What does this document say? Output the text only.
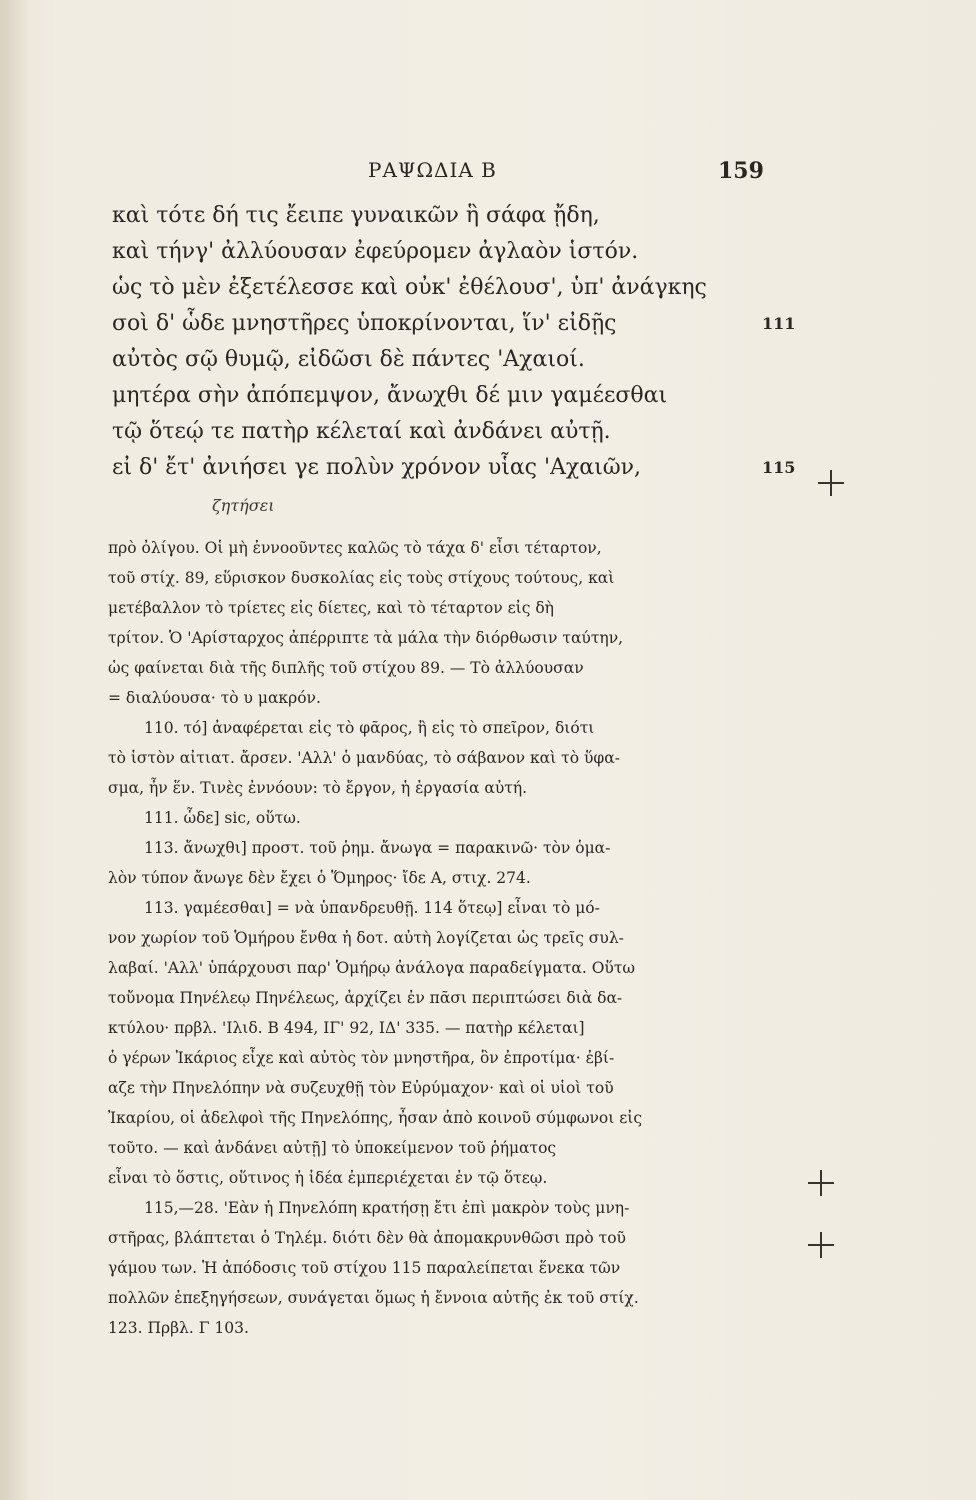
ΡΑΨΩΔΙΑ Β	159
καὶ τότε δή τις ἔειπε γυναικῶν ἣ σάφα ᾔδη,
καὶ τήνγ' ἀλλύουσαν ἐφεύρομεν ἀγλαὸν ἱστόν.
ὡς τὸ μὲν ἐξετέλεσσε καὶ οὐκ' ἐθέλουσ', ὑπ' ἀνάγκης
σοὶ δ' ὧδε μνηστῆρες ὑποκρίνονται, ἵν' εἰδῇς	111
αὐτὸς σῷ θυμῷ, εἰδῶσι δὲ πάντες 'Αχαιοί.
μητέρα σὴν ἀπόπεμψον, ἄνωχθι δέ μιν γαμέεσθαι
τῷ ὅτεῴ τε πατὴρ κέλεταί καὶ ἀνδάνει αὐτῇ.
εἰ δ' ἔτ' ἀνιήσει γε πολὺν χρόνον υἷας 'Αχαιῶν,	115
ζητήσει
πρὸ ὀλίγου. Οἱ μὴ ἐννοοῦντες καλῶς τὸ τάχα δ' εἶσι τέταρτον,
τοῦ στίχ. 89, εὕρισκον δυσκολίας εἰς τοὺς στίχους τούτους, καὶ
μετέβαλλον τὸ τρίετες εἰς δίετες, καὶ τὸ τέταρτον εἰς δὴ
τρίτον. Ὁ 'Αρίσταρχος ἀπέρριπτε τὰ μάλα τὴν διόρθωσιν ταύτην,
ὡς φαίνεται διὰ τῆς διπλῆς τοῦ στίχου 89. — Τὸ ἀλλύουσαν
= διαλύουσα· τὸ υ μακρόν.
110. τό] ἀναφέρεται εἰς τὸ φᾶρος, ἢ εἰς τὸ σπεῖρον, διότι
τὸ ἱστὸν αἰτιατ. ἄρσεν. 'Αλλ' ὁ μανδύας, τὸ σάβανον καὶ τὸ ὕφα-
σμα, ἦν ἕν. Τινὲς ἐννόουν: τὸ ἔργον, ἡ ἐργασία αὐτή.
111. ὧδε] sic, οὕτω.
113. ἄνωχθι] προστ. τοῦ ῥημ. ἄνωγα = παρακινῶ· τὸν ὁμα-
λὸν τύπον ἄνωγε δὲν ἔχει ὁ Ὅμηρος· ἴδε Α, στιχ. 274.
113. γαμέεσθαι] = νὰ ὑπανδρευθῇ. 114 ὅτεῳ] εἶναι τὸ μό-
νον χωρίον τοῦ Ὁμήρου ἔνθα ἡ δοτ. αὐτὴ λογίζεται ὡς τρεῖς συλ-
λαβαί. 'Αλλ' ὑπάρχουσι παρ' Ὁμήρῳ ἀνάλογα παραδείγματα. Οὕτω
τοὔνομα Πηνέλεῳ Πηνέλεως, ἀρχίζει ἐν πᾶσι περιπτώσει διὰ δα-
κτύλου· πρβλ. 'Ιλιδ. Β 494, ΙΓ' 92, ΙΔ' 335. — πατὴρ κέλεται]
ὁ γέρων Ἰκάριος εἶχε καὶ αὐτὸς τὸν μνηστῆρα, ὃν ἐπροτίμα· ἐβί-
αζε τὴν Πηνελόπην νὰ συζευχθῇ τὸν Εὐρύμαχον· καὶ οἱ υἱοὶ τοῦ
Ἰκαρίου, οἱ ἀδελφοὶ τῆς Πηνελόπης, ἦσαν ἀπὸ κοινοῦ σύμφωνοι εἰς
τοῦτο. — καὶ ἀνδάνει αὐτῇ] τὸ ὑποκείμενον τοῦ ῥήματος
εἶναι τὸ ὅστις, οὕτινος ἡ ἰδέα ἐμπεριέχεται ἐν τῷ ὅτεῳ.
115,—28. 'Εὰν ἡ Πηνελόπη κρατήσῃ ἔτι ἐπὶ μακρὸν τοὺς μνη-
στῆρας, βλάπτεται ὁ Τηλέμ. διότι δὲν θὰ ἀπομακρυνθῶσι πρὸ τοῦ
γάμου των. Ἡ ἀπόδοσις τοῦ στίχου 115 παραλείπεται ἕνεκα τῶν
πολλῶν ἐπεξηγήσεων, συνάγεται ὅμως ἡ ἔννοια αὐτῆς ἐκ τοῦ στίχ.
123. Πρβλ. Γ 103.
